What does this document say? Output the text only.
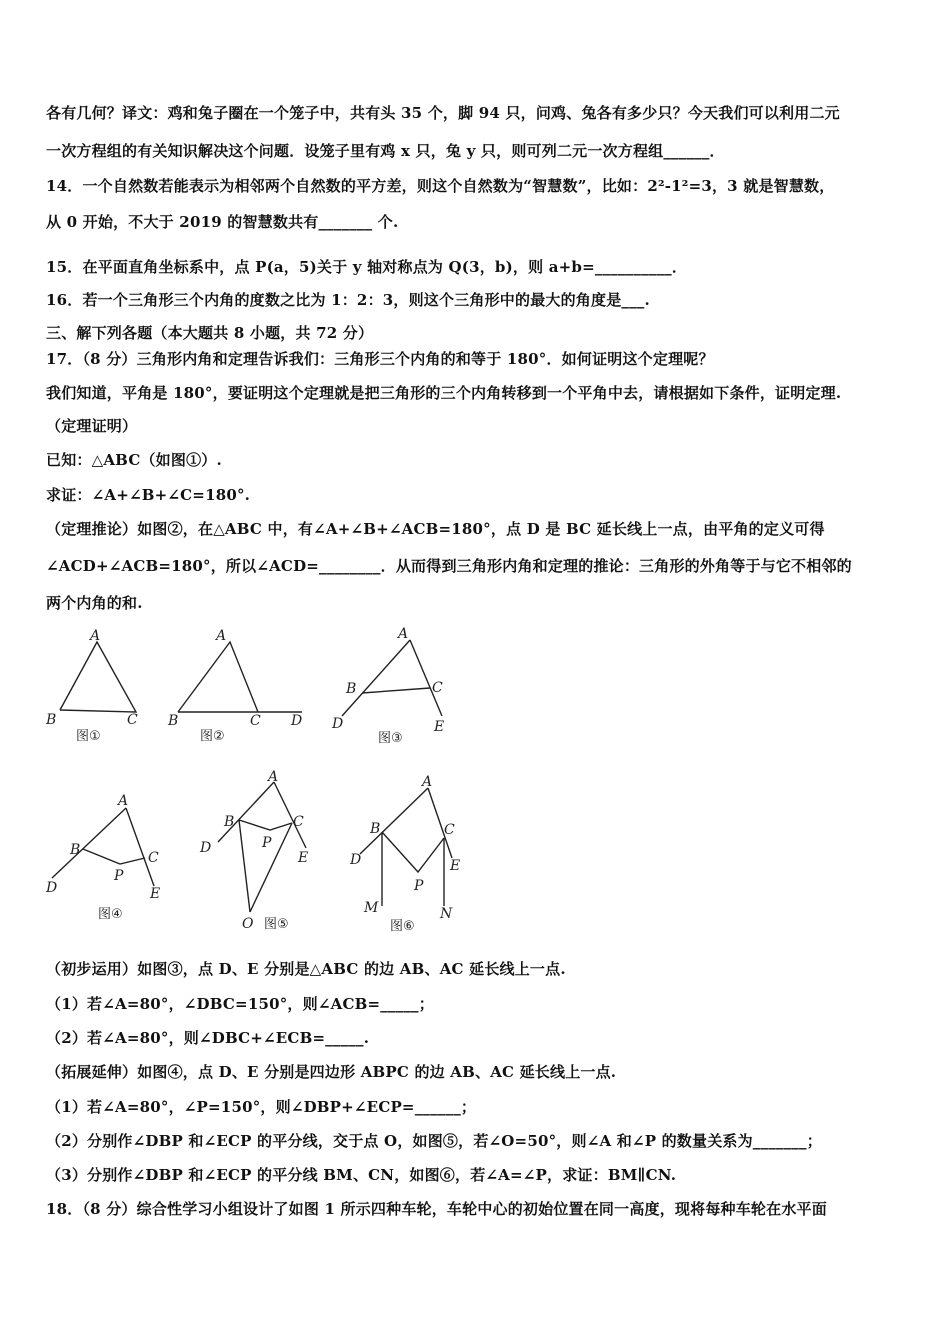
各有几何？译文：鸡和兔子圈在一个笼子中，共有头 35 个，脚 94 只，问鸡、兔各有多少只？今天我们可以利用二元
一次方程组的有关知识解决这个问题．设笼子里有鸡 x 只，兔 y 只，则可列二元一次方程组______．
14．一个自然数若能表示为相邻两个自然数的平方差，则这个自然数为“智慧数”，比如：2²-1²=3，3 就是智慧数，
从 0 开始，不大于 2019 的智慧数共有_______ 个.
15．在平面直角坐标系中，点 P(a，5)关于 y 轴对称点为 Q(3，b)，则 a+b=__________．
16．若一个三角形三个内角的度数之比为 1：2：3，则这个三角形中的最大的角度是___.
三、解下列各题（本大题共 8 小题，共 72 分）
17．（8 分）三角形内角和定理告诉我们：三角形三个内角的和等于 180°．如何证明这个定理呢？
我们知道，平角是 180°，要证明这个定理就是把三角形的三个内角转移到一个平角中去，请根据如下条件，证明定理.
（定理证明）
已知：△ABC（如图①）.
求证：∠A+∠B+∠C=180°.
（定理推论）如图②，在△ABC 中，有∠A+∠B+∠ACB=180°，点 D 是 BC 延长线上一点，由平角的定义可得
∠ACD+∠ACB=180°，所以∠ACD=________．从而得到三角形内角和定理的推论：三角形的外角等于与它不相邻的
两个内角的和.
A
B	C
图①
A
B	C D
图②
A
B	C
D	E
图③
A
B	C
D	E
P
图④
A
B	C
D
E
P
O 图⑤
A
B	C
D	E
P
M	N
图⑥
（初步运用）如图③，点 D、E 分别是△ABC 的边 AB、AC 延长线上一点.
（1）若∠A=80°，∠DBC=150°，则∠ACB=_____；
（2）若∠A=80°，则∠DBC+∠ECB=_____.
（拓展延伸）如图④，点 D、E 分别是四边形 ABPC 的边 AB、AC 延长线上一点.
（1）若∠A=80°，∠P=150°，则∠DBP+∠ECP=______；
（2）分别作∠DBP 和∠ECP 的平分线，交于点 O，如图⑤，若∠O=50°，则∠A 和∠P 的数量关系为_______；
（3）分别作∠DBP 和∠ECP 的平分线 BM、CN，如图⑥，若∠A=∠P，求证：BM∥CN.
18．（8 分）综合性学习小组设计了如图 1 所示四种车轮，车轮中心的初始位置在同一高度，现将每种车轮在水平面
